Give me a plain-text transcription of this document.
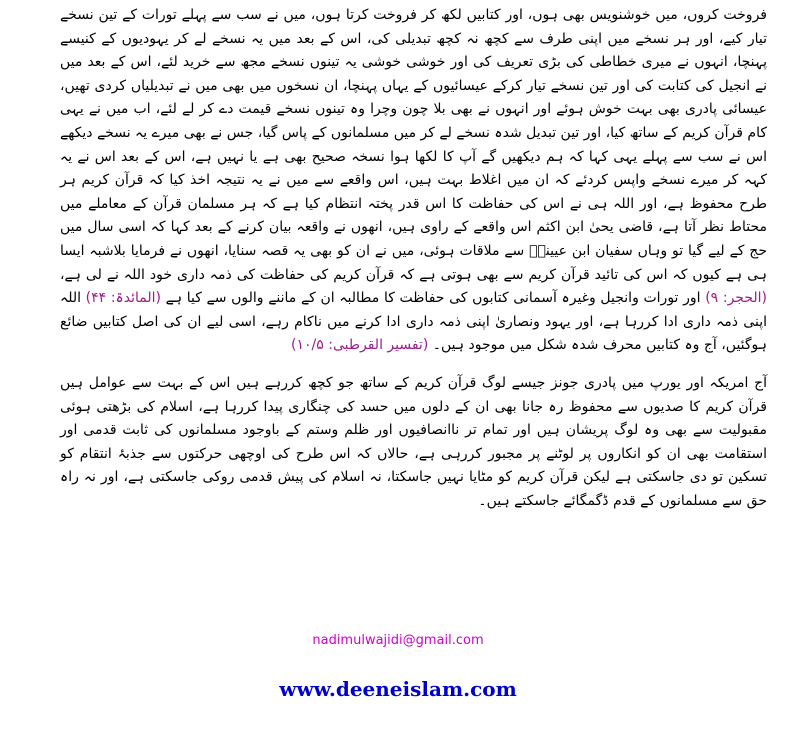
فروخت کروں، میں خوشنویس بھی ہوں، اور کتابیں لکھ کر فروخت کرتا ہوں، میں نے سب سے پہلے تورات کے تین نسخے تیار کیے، اور ہر نسخے میں اپنی طرف سے کچھ نہ کچھ تبدیلی کی، اس کے بعد میں یہ نسخے لے کر یہودیوں کے کنیسے پہنچا، انہوں نے میری خطاطی کی بڑی تعریف کی اور خوشی خوشی یہ تینوں نسخے مجھ سے خرید لئے، اس کے بعد میں نے انجیل کی کتابت کی اور تین نسخے تیار کرکے عیسائیوں کے یہاں پہنچا، ان نسخوں میں بھی میں نے تبدیلیاں کردی تھیں، عیسائی پادری بھی بہت خوش ہوئے اور انہوں نے بھی بلا چون وچرا وہ تینوں نسخے قیمت دے کر لے لئے، اب میں نے یہی کام قرآن کریم کے ساتھ کیا، اور تین تبدیل شدہ نسخے لے کر میں مسلمانوں کے پاس گیا، جس نے بھی میرے یہ نسخے دیکھے اس نے سب سے پہلے یہی کہا کہ ہم دیکھیں گے آپ کا لکھا ہوا نسخہ صحیح بھی ہے یا نہیں ہے، اس کے بعد اس نے یہ کہہ کر میرے نسخے واپس کردئے کہ ان میں اغلاط بہت ہیں، اس واقعے سے میں نے یہ نتیجہ اخذ کیا کہ قرآن کریم ہر طرح محفوظ ہے، اور اللہ ہی نے اس کی حفاظت کا اس قدر پختہ انتظام کیا ہے کہ ہر مسلمان قرآن کے معاملے میں محتاط نظر آتا ہے، قاضی یحیٰ ابن اکثم اس واقعے کے راوی ہیں، انھوں نے واقعہ بیان کرنے کے بعد کہا کہ اسی سال میں حج کے لیے گیا تو وہاں سفیان ابن عیینہؒ سے ملاقات ہوئی، میں نے ان کو بھی یہ قصہ سنایا، انھوں نے فرمایا بلاشبہ ایسا ہی ہے کیوں کہ اس کی تائید قرآن کریم سے بھی ہوتی ہے کہ قرآن کریم کی حفاظت کی ذمہ داری خود اللہ نے لی ہے، (الحجر: ۹) اور تورات وانجیل وغیرہ آسمانی کتابوں کی حفاظت کا مطالبہ ان کے ماننے والوں سے کیا ہے (المائدۃ: ۴۴) اللہ اپنی ذمہ داری ادا کررہا ہے، اور یہود ونصاریٰ اپنی ذمہ داری ادا کرنے میں ناکام رہے، اسی لیے ان کی اصل کتابیں ضائع ہوگئیں، آج وہ کتابیں محرف شدہ شکل میں موجود ہیں۔ (تفسیر القرطبی: ۱۰/۵)

آج امریکہ اور یورپ میں پادری جونز جیسے لوگ قرآن کریم کے ساتھ جو کچھ کررہے ہیں اس کے بہت سے عوامل ہیں قرآن کریم کا صدیوں سے محفوظ رہ جانا بھی ان کے دلوں میں حسد کی چنگاری پیدا کررہا ہے، اسلام کی بڑھتی ہوئی مقبولیت سے بھی وہ لوگ پریشان ہیں اور تمام تر ناانصافیوں اور ظلم وستم کے باوجود مسلمانوں کی ثابت قدمی اور استقامت بھی ان کو انکاروں پر لوٹنے پر مجبور کررہی ہے، حالاں کہ اس طرح کی اوچھی حرکتوں سے جذبۂ انتقام کو تسکین تو دی جاسکتی ہے لیکن قرآن کریم کو مٹایا نہیں جاسکتا، نہ اسلام کی پیش قدمی روکی جاسکتی ہے، اور نہ راہ حق سے مسلمانوں کے قدم ڈگمگائے جاسکتے ہیں۔

nadimulwajidi@gmail.com
www.deeneislam.com
